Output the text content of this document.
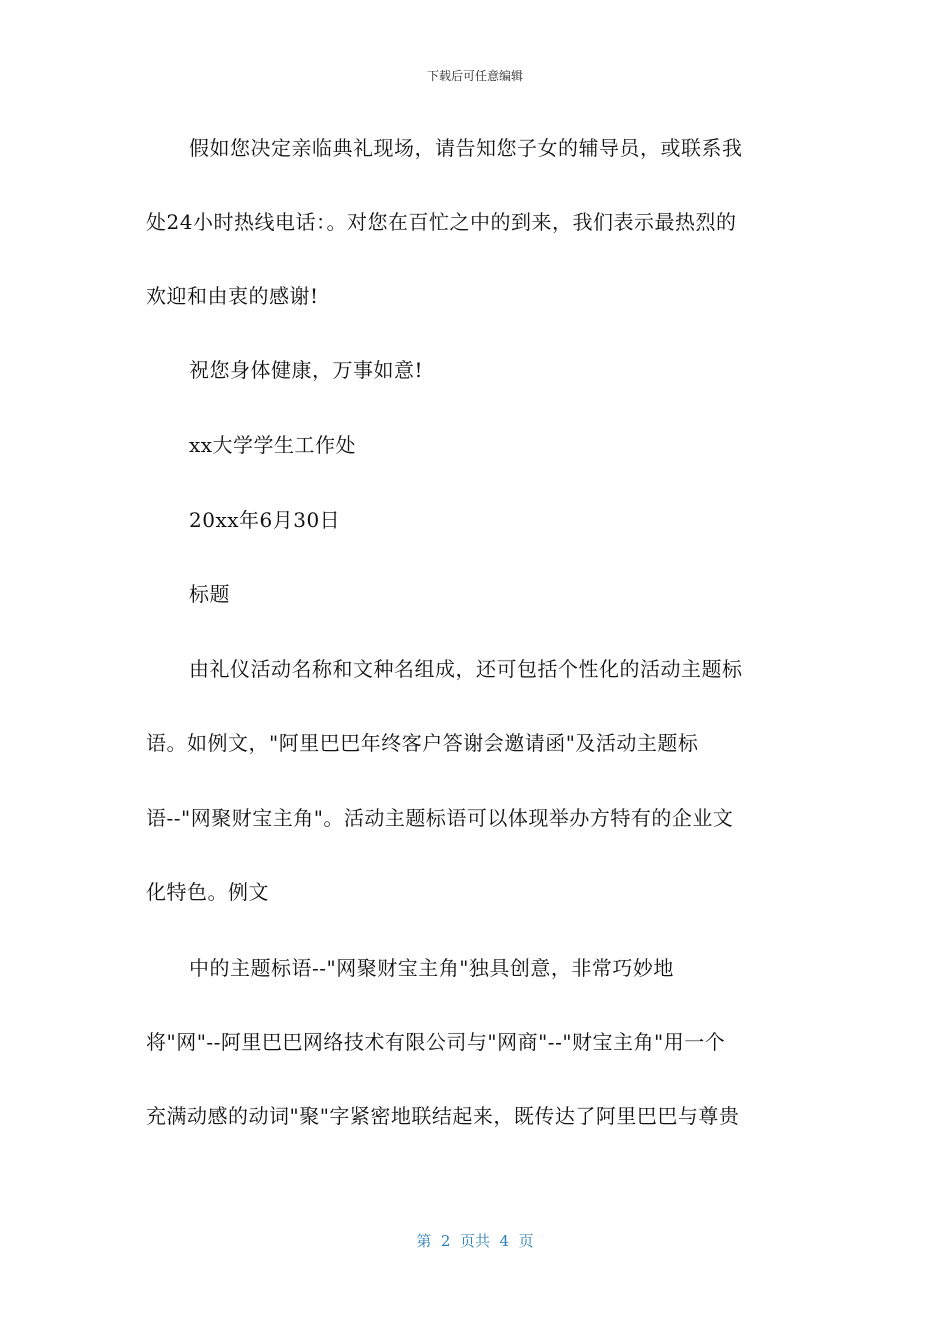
下载后可任意编辑
假如您决定亲临典礼现场，请告知您子女的辅导员，或联系我
处24小时热线电话：。对您在百忙之中的到来，我们表示最热烈的
欢迎和由衷的感谢!
祝您身体健康，万事如意!
xx大学学生工作处
20xx年6月30日
标题
由礼仪活动名称和文种名组成，还可包括个性化的活动主题标
语。如例文，"阿里巴巴年终客户答谢会邀请函"及活动主题标
语--"网聚财宝主角"。活动主题标语可以体现举办方特有的企业文
化特色。例文
中的主题标语--"网聚财宝主角"独具创意，非常巧妙地
将"网"--阿里巴巴网络技术有限公司与"网商"--"财宝主角"用一个
充满动感的动词"聚"字紧密地联结起来，既传达了阿里巴巴与尊贵
第  2  页共  4  页
